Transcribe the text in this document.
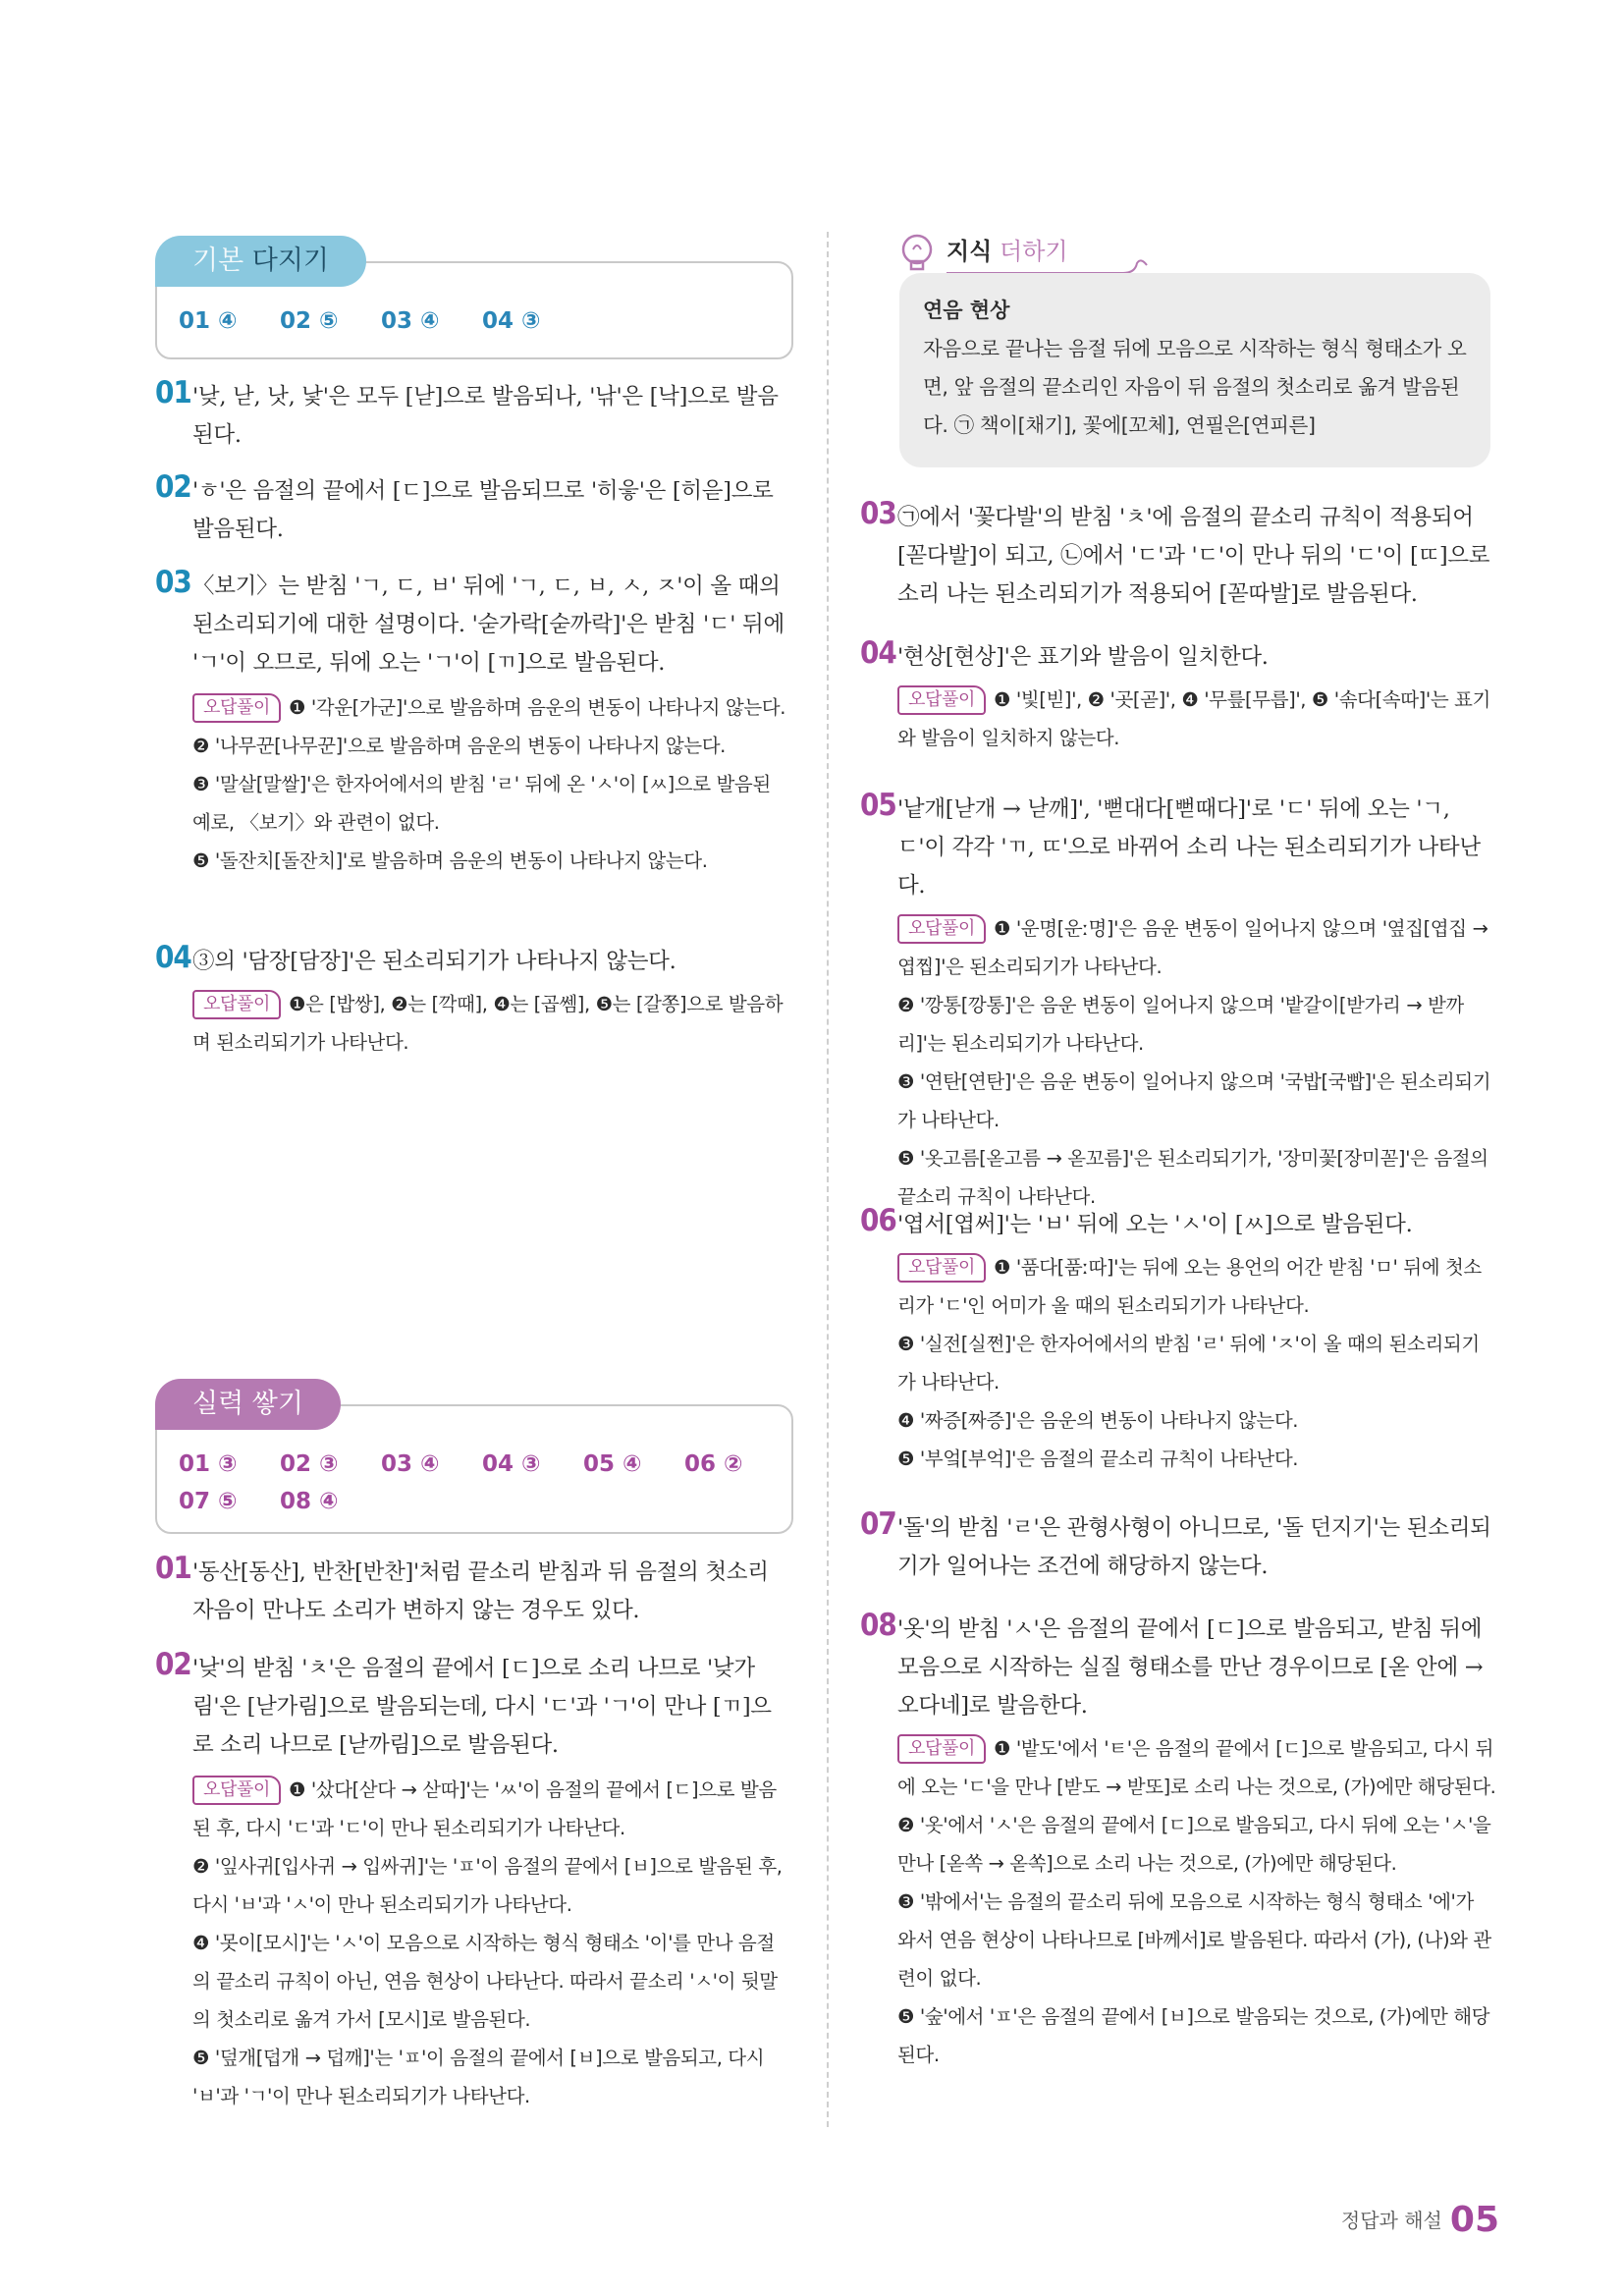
01 ④ 02 ⑤ 03 ④ 04 ③
기본 다지기
01 '낮, 낟, 낫, 낯'은 모두 [낟]으로 발음되나, '낚'은 [낙]으로 발음된다.
02 'ㅎ'은 음절의 끝에서 [ㄷ]으로 발음되므로 '히읗'은 [히읃]으로 발음된다.
03 〈보기〉는 받침 'ㄱ, ㄷ, ㅂ' 뒤에 'ㄱ, ㄷ, ㅂ, ㅅ, ㅈ'이 올 때의 된소리되기에 대한 설명이다. '숟가락[숟까락]'은 받침 'ㄷ' 뒤에 'ㄱ'이 오므로, 뒤에 오는 'ㄱ'이 [ㄲ]으로 발음된다.
오답풀이 ❶ '각운[가군]'으로 발음하며 음운의 변동이 나타나지 않는다.
❷ '나무꾼[나무꾼]'으로 발음하며 음운의 변동이 나타나지 않는다.
❸ '말살[말쌀]'은 한자어에서의 받침 'ㄹ' 뒤에 온 'ㅅ'이 [ㅆ]으로 발음된 예로, 〈보기〉와 관련이 없다.
❺ '돌잔치[돌잔치]'로 발음하며 음운의 변동이 나타나지 않는다.
04 ③의 '담장[담장]'은 된소리되기가 나타나지 않는다.
오답풀이 ❶은 [밥쌍], ❷는 [깍때], ❹는 [곱쎔], ❺는 [갈쫑]으로 발음하며 된소리되기가 나타난다.
01 ③ 02 ③ 03 ④ 04 ③ 05 ④ 06 ②
07 ⑤ 08 ④
실력 쌓기
01 '동산[동산], 반찬[반찬]'처럼 끝소리 받침과 뒤 음절의 첫소리 자음이 만나도 소리가 변하지 않는 경우도 있다.
02 '낮'의 받침 'ㅊ'은 음절의 끝에서 [ㄷ]으로 소리 나므로 '낮가림'은 [낟가림]으로 발음되는데, 다시 'ㄷ'과 'ㄱ'이 만나 [ㄲ]으로 소리 나므로 [낟까림]으로 발음된다.
오답풀이 ❶ '샀다[삳다 → 삳따]'는 'ㅆ'이 음절의 끝에서 [ㄷ]으로 발음된 후, 다시 'ㄷ'과 'ㄷ'이 만나 된소리되기가 나타난다.
❷ '잎사귀[입사귀 → 입싸귀]'는 'ㅍ'이 음절의 끝에서 [ㅂ]으로 발음된 후, 다시 'ㅂ'과 'ㅅ'이 만나 된소리되기가 나타난다.
❹ '못이[모시]'는 'ㅅ'이 모음으로 시작하는 형식 형태소 '이'를 만나 음절의 끝소리 규칙이 아닌, 연음 현상이 나타난다. 따라서 끝소리 'ㅅ'이 뒷말의 첫소리로 옮겨 가서 [모시]로 발음된다.
❺ '덮개[덥개 → 덥깨]'는 'ㅍ'이 음절의 끝에서 [ㅂ]으로 발음되고, 다시 'ㅂ'과 'ㄱ'이 만나 된소리되기가 나타난다.
지식 더하기
연음 현상
자음으로 끝나는 음절 뒤에 모음으로 시작하는 형식 형태소가 오면, 앞 음절의 끝소리인 자음이 뒤 음절의 첫소리로 옮겨 발음된다. ㉠ 책이[채기], 꽃에[꼬체], 연필은[연피른]
03 ㉠에서 '꽃다발'의 받침 'ㅊ'에 음절의 끝소리 규칙이 적용되어 [꼳다발]이 되고, ㉡에서 'ㄷ'과 'ㄷ'이 만나 뒤의 'ㄷ'이 [ㄸ]으로 소리 나는 된소리되기가 적용되어 [꼳따발]로 발음된다.
04 '현상[현상]'은 표기와 발음이 일치한다.
오답풀이 ❶ '빛[빋]', ❷ '곳[곧]', ❹ '무릎[무릅]', ❺ '솎다[속따]'는 표기와 발음이 일치하지 않는다.
05 '낱개[낟개 → 낟깨]', '뻗대다[뻗때다]'로 'ㄷ' 뒤에 오는 'ㄱ, ㄷ'이 각각 'ㄲ, ㄸ'으로 바뀌어 소리 나는 된소리되기가 나타난다.
오답풀이 ❶ '운명[운ː명]'은 음운 변동이 일어나지 않으며 '옆집[엽집 → 엽찝]'은 된소리되기가 나타난다.
❷ '깡통[깡통]'은 음운 변동이 일어나지 않으며 '밭갈이[받가리 → 받까리]'는 된소리되기가 나타난다.
❸ '연탄[연탄]'은 음운 변동이 일어나지 않으며 '국밥[국빱]'은 된소리되기가 나타난다.
❺ '옷고름[옫고름 → 옫꼬름]'은 된소리되기가, '장미꽃[장미꼳]'은 음절의 끝소리 규칙이 나타난다.
06 '엽서[엽써]'는 'ㅂ' 뒤에 오는 'ㅅ'이 [ㅆ]으로 발음된다.
오답풀이 ❶ '품다[품ː따]'는 뒤에 오는 용언의 어간 받침 'ㅁ' 뒤에 첫소리가 'ㄷ'인 어미가 올 때의 된소리되기가 나타난다.
❸ '실전[실쩐]'은 한자어에서의 받침 'ㄹ' 뒤에 'ㅈ'이 올 때의 된소리되기가 나타난다.
❹ '짜증[짜증]'은 음운의 변동이 나타나지 않는다.
❺ '부엌[부억]'은 음절의 끝소리 규칙이 나타난다.
07 '돌'의 받침 'ㄹ'은 관형사형이 아니므로, '돌 던지기'는 된소리되기가 일어나는 조건에 해당하지 않는다.
08 '옷'의 받침 'ㅅ'은 음절의 끝에서 [ㄷ]으로 발음되고, 받침 뒤에 모음으로 시작하는 실질 형태소를 만난 경우이므로 [옫 안에 → 오다네]로 발음한다.
오답풀이 ❶ '밭도'에서 'ㅌ'은 음절의 끝에서 [ㄷ]으로 발음되고, 다시 뒤에 오는 'ㄷ'을 만나 [받도 → 받또]로 소리 나는 것으로, (가)에만 해당된다.
❷ '옷'에서 'ㅅ'은 음절의 끝에서 [ㄷ]으로 발음되고, 다시 뒤에 오는 'ㅅ'을 만나 [옫쏙 → 옫쏙]으로 소리 나는 것으로, (가)에만 해당된다.
❸ '밖에서'는 음절의 끝소리 뒤에 모음으로 시작하는 형식 형태소 '에'가 와서 연음 현상이 나타나므로 [바께서]로 발음된다. 따라서 (가), (나)와 관련이 없다.
❺ '숲'에서 'ㅍ'은 음절의 끝에서 [ㅂ]으로 발음되는 것으로, (가)에만 해당된다.
정답과 해설 05
